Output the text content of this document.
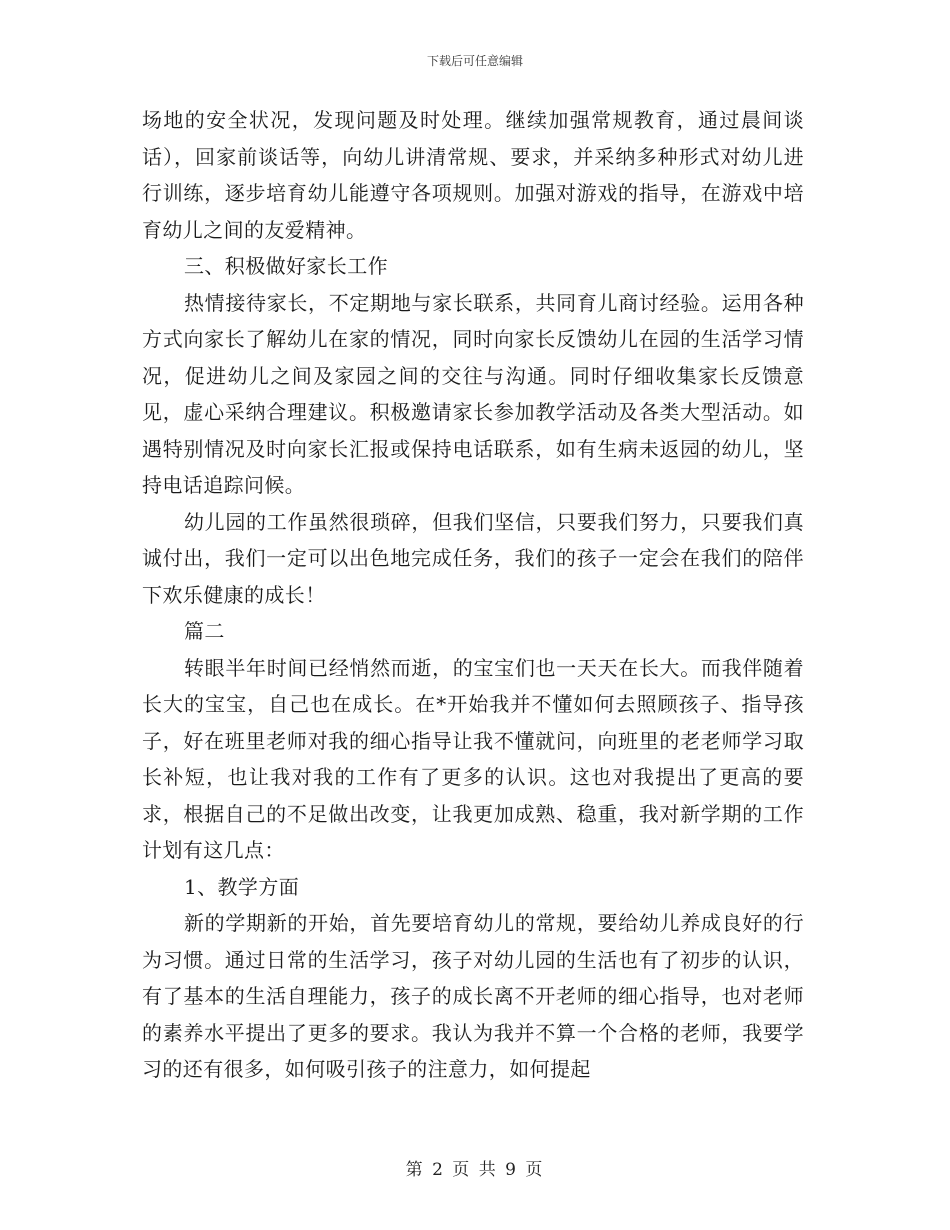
下载后可任意编辑

场地的安全状况，发现问题及时处理。继续加强常规教育，通过晨间谈话），回家前谈话等，向幼儿讲清常规、要求，并采纳多种形式对幼儿进行训练，逐步培育幼儿能遵守各项规则。加强对游戏的指导，在游戏中培育幼儿之间的友爱精神。

三、积极做好家长工作

热情接待家长，不定期地与家长联系，共同育儿商讨经验。运用各种方式向家长了解幼儿在家的情况，同时向家长反馈幼儿在园的生活学习情况，促进幼儿之间及家园之间的交往与沟通。同时仔细收集家长反馈意见，虚心采纳合理建议。积极邀请家长参加教学活动及各类大型活动。如遇特别情况及时向家长汇报或保持电话联系，如有生病未返园的幼儿，坚持电话追踪问候。

幼儿园的工作虽然很琐碎，但我们坚信，只要我们努力，只要我们真诚付出，我们一定可以出色地完成任务，我们的孩子一定会在我们的陪伴下欢乐健康的成长！

篇二

转眼半年时间已经悄然而逝，的宝宝们也一天天在长大。而我伴随着长大的宝宝，自己也在成长。在*开始我并不懂如何去照顾孩子、指导孩子，好在班里老师对我的细心指导让我不懂就问，向班里的老老师学习取长补短，也让我对我的工作有了更多的认识。这也对我提出了更高的要求，根据自己的不足做出改变，让我更加成熟、稳重，我对新学期的工作计划有这几点：

1、教学方面

新的学期新的开始，首先要培育幼儿的常规，要给幼儿养成良好的行为习惯。通过日常的生活学习，孩子对幼儿园的生活也有了初步的认识，有了基本的生活自理能力，孩子的成长离不开老师的细心指导，也对老师的素养水平提出了更多的要求。我认为我并不算一个合格的老师，我要学习的还有很多，如何吸引孩子的注意力，如何提起

第 2 页 共 9 页
